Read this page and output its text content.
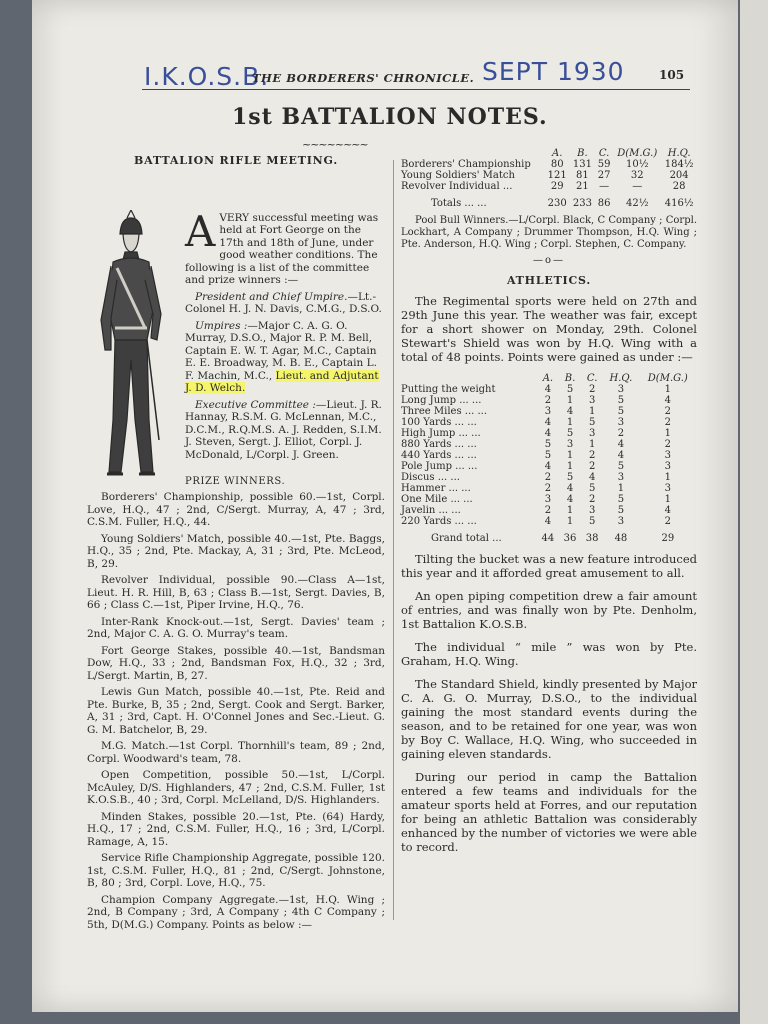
I.K.O.S.B.
THE BORDERERS' CHRONICLE. SEPT 1930	105
1st BATTALION NOTES.
~~~~~~~~

BATTALION RIFLE MEETING.

AVERY successful meeting was held at Fort George on the 17th and 18th of June, under good weather conditions. The following is a list of the committee and prize winners :—
President and Chief Umpire.—Lt.-Colonel H. J. N. Davis, C.M.G., D.S.O.
Umpires :—Major C. A. G. O. Murray, D.S.O., Major R. P. M. Bell, Captain E. W. T. Agar, M.C., Captain E. E. Broadway, M. B. E., Captain L. F. Machin, M.C., Lieut. and Adjutant J. D. Welch.
Executive Committee :—Lieut. J. R. Hannay, R.S.M. G. McLennan, M.C., D.C.M., R.Q.M.S. A. J. Redden, S.I.M. J. Steven, Sergt. J. Elliot, Corpl. J. McDonald, L/Corpl. J. Green.

PRIZE WINNERS.

Borderers' Championship, possible 60.—1st, Corpl. Love, H.Q., 47 ; 2nd, C/Sergt. Murray, A, 47 ; 3rd, C.S.M. Fuller, H.Q., 44.

Young Soldiers' Match, possible 40.—1st, Pte. Baggs, H.Q., 35 ; 2nd, Pte. Mackay, A, 31 ; 3rd, Pte. McLeod, B, 29.

Revolver Individual, possible 90.—Class A—1st, Lieut. H. R. Hill, B, 63 ; Class B.—1st, Sergt. Davies, B, 66 ; Class C.—1st, Piper Irvine, H.Q., 76.

Inter-Rank Knock-out.—1st, Sergt. Davies' team ; 2nd, Major C. A. G. O. Murray's team.

Fort George Stakes, possible 40.—1st, Bandsman Dow, H.Q., 33 ; 2nd, Bandsman Fox, H.Q., 32 ; 3rd, L/Sergt. Martin, B, 27.

Lewis Gun Match, possible 40.—1st, Pte. Reid and Pte. Burke, B, 35 ; 2nd, Sergt. Cook and Sergt. Barker, A, 31 ; 3rd, Capt. H. O'Connel Jones and Sec.-Lieut. G. G. M. Batchelor, B, 29.

M.G. Match.—1st Corpl. Thornhill's team, 89 ; 2nd, Corpl. Woodward's team, 78.

Open Competition, possible 50.—1st, L/Corpl. McAuley, D/S. Highlanders, 47 ; 2nd, C.S.M. Fuller, 1st K.O.S.B., 40 ; 3rd, Corpl. McLelland, D/S. Highlanders.

Minden Stakes, possible 20.—1st, Pte. (64) Hardy, H.Q., 17 ; 2nd, C.S.M. Fuller, H.Q., 16 ; 3rd, L/Corpl. Ramage, A, 15.

Service Rifle Championship Aggregate, possible 120. 1st, C.S.M. Fuller, H.Q., 81 ; 2nd, C/Sergt. Johnstone, B, 80 ; 3rd, Corpl. Love, H.Q., 75.

Champion Company Aggregate.—1st, H.Q. Wing ; 2nd, B Company ; 3rd, A Company ; 4th C Company ; 5th, D(M.G.) Company. Points as below :—

	A.	B.	C.	D(M.G.)	H.Q.
Borderers' Championship	80	131	59	10½	184½
Young Soldiers' Match	121	81	27	32	204
Revolver Individual ...	29	21	—	—	28
Totals ... ...	230	233	86	42½	416½

Pool Bull Winners.—L/Corpl. Black, C Company ; Corpl. Lockhart, A Company ; Drummer Thompson, H.Q. Wing ; Pte. Anderson, H.Q. Wing ; Corpl. Stephen, C. Company.

—o—

ATHLETICS.

The Regimental sports were held on 27th and 29th June this year. The weather was fair, except for a short shower on Monday, 29th. Colonel Stewart's Shield was won by H.Q. Wing with a total of 48 points. Points were gained as under :—

	A.	B.	C.	H.Q.	D(M.G.)
Putting the weight	4	5	2	3	1
Long Jump ... ...	2	1	3	5	4
Three Miles ... ...	3	4	1	5	2
100 Yards ... ...	4	1	5	3	2
High Jump ... ...	4	5	3	2	1
880 Yards ... ...	5	3	1	4	2
440 Yards ... ...	5	1	2	4	3
Pole Jump ... ...	4	1	2	5	3
Discus ... ...	2	5	4	3	1
Hammer ... ...	2	4	5	1	3
One Mile ... ...	3	4	2	5	1
Javelin ... ...	2	1	3	5	4
220 Yards ... ...	4	1	5	3	2
Grand total ...	44	36	38	48	29

Tilting the bucket was a new feature introduced this year and it afforded great amusement to all.

An open piping competition drew a fair amount of entries, and was finally won by Pte. Denholm, 1st Battalion K.O.S.B.

The individual “ mile ” was won by Pte. Graham, H.Q. Wing.

The Standard Shield, kindly presented by Major C. A. G. O. Murray, D.S.O., to the individual gaining the most standard events during the season, and to be retained for one year, was won by Boy C. Wallace, H.Q. Wing, who succeeded in gaining eleven standards.

During our period in camp the Battalion entered a few teams and individuals for the amateur sports held at Forres, and our reputation for being an athletic Battalion was considerably enhanced by the number of victories we were able to record.
